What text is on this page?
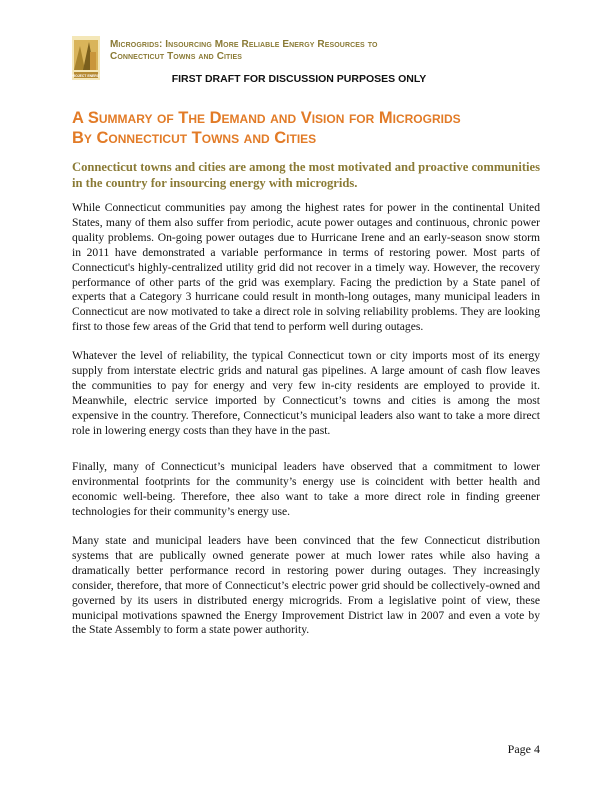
PROJECT ENERGY
Microgrids: Insourcing More Reliable Energy Resources to
Connecticut Towns and Cities
FIRST DRAFT FOR DISCUSSION PURPOSES ONLY
A Summary of The Demand and Vision for Microgrids
By Connecticut Towns and Cities

Connecticut towns and cities are among the most motivated and proactive communities in the country for insourcing energy with microgrids.

While Connecticut communities pay among the highest rates for power in the continental United States, many of them also suffer from periodic, acute power outages and continuous, chronic power quality problems. On-going power outages due to Hurricane Irene and an early-season snow storm in 2011 have demonstrated a variable performance in terms of restoring power. Most parts of Connecticut's highly-centralized utility grid did not recover in a timely way. However, the recovery performance of other parts of the grid was exemplary. Facing the prediction by a State panel of experts that a Category 3 hurricane could result in month-long outages, many municipal leaders in Connecticut are now motivated to take a direct role in solving reliability problems. They are looking first to those few areas of the Grid that tend to perform well during outages.

Whatever the level of reliability, the typical Connecticut town or city imports most of its energy supply from interstate electric grids and natural gas pipelines. A large amount of cash flow leaves the communities to pay for energy and very few in-city residents are employed to provide it. Meanwhile, electric service imported by Connecticut’s towns and cities is among the most expensive in the country. Therefore, Connecticut’s municipal leaders also want to take a more direct role in lowering energy costs than they have in the past.

Finally, many of Connecticut’s municipal leaders have observed that a commitment to lower environmental footprints for the community’s energy use is coincident with better health and economic well-being. Therefore, thee also want to take a more direct role in finding greener technologies for their community’s energy use.

Many state and municipal leaders have been convinced that the few Connecticut distribution systems that are publically owned generate power at much lower rates while also having a dramatically better performance record in restoring power during outages. They increasingly consider, therefore, that more of Connecticut’s electric power grid should be collectively-owned and governed by its users in distributed energy microgrids. From a legislative point of view, these municipal motivations spawned the Energy Improvement District law in 2007 and even a vote by the State Assembly to form a state power authority.

Page 4
